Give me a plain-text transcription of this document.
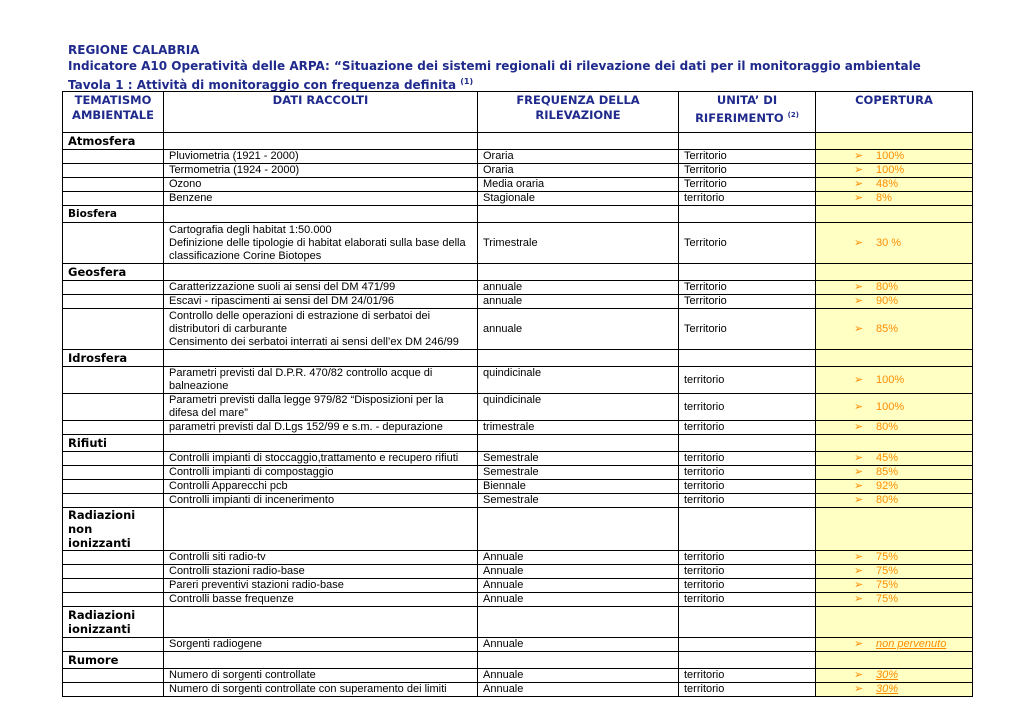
REGIONE CALABRIA
Indicatore A10 Operatività delle ARPA: “Situazione dei sistemi regionali di rilevazione dei dati per il monitoraggio ambientale
Tavola 1 : Attività di monitoraggio con frequenza definita $^{(1)}$
TEMATISMO AMBIENTALE	DATI RACCOLTI	FREQUENZA DELLA RILEVAZIONE	UNITA’ DI RIFERIMENTO $^{(2)}$	COPERTURA
Atmosfera				
	Pluviometria (1921 - 2000)	Oraria	Territorio	➢ 100%
	Termometria (1924 - 2000)	Oraria	Territorio	➢ 100%
	Ozono	Media oraria	Territorio	➢ 48%
	Benzene	Stagionale	territorio	➢ 8%
Biosfera				
	Cartografia degli habitat 1:50.000
Definizione delle tipologie di habitat elaborati sulla base della classificazione Corine Biotopes	Trimestrale	Territorio	➢ 30 %
Geosfera				
	Caratterizzazione suoli ai sensi del DM 471/99	annuale	Territorio	➢ 80%
	Escavi - ripascimenti ai sensi del DM 24/01/96	annuale	Territorio	➢ 90%
	Controllo delle operazioni di estrazione di serbatoi dei distributori di carburante
Censimento dei serbatoi interrati ai sensi dell’ex DM 246/99	annuale	Territorio	➢ 85%
Idrosfera				
	Parametri previsti dal D.P.R. 470/82 controllo acque di balneazione	quindicinale	territorio	➢ 100%
	Parametri previsti dalla legge 979/82 “Disposizioni per la difesa del mare”	quindicinale	territorio	➢ 100%
	parametri previsti dal D.Lgs 152/99 e s.m. - depurazione	trimestrale	territorio	➢ 80%
Rifiuti				
	Controlli impianti di stoccaggio,trattamento e recupero rifiuti	Semestrale	territorio	➢ 45%
	Controlli impianti di compostaggio	Semestrale	territorio	➢ 85%
	Controlli Apparecchi pcb	Biennale	territorio	➢ 92%
	Controlli impianti di incenerimento	Semestrale	territorio	➢ 80%
Radiazioni
non ionizzanti				
	Controlli siti radio-tv	Annuale	territorio	➢ 75%
	Controlli stazioni radio-base	Annuale	territorio	➢ 75%
	Pareri preventivi stazioni radio-base	Annuale	territorio	➢ 75%
	Controlli basse frequenze	Annuale	territorio	➢ 75%
Radiazioni
ionizzanti				
	Sorgenti radiogene	Annuale		➢ non pervenuto
Rumore				
	Numero di sorgenti controllate	Annuale	territorio	➢ 30%
	Numero di sorgenti controllate con superamento dei limiti	Annuale	territorio	➢ 30%
